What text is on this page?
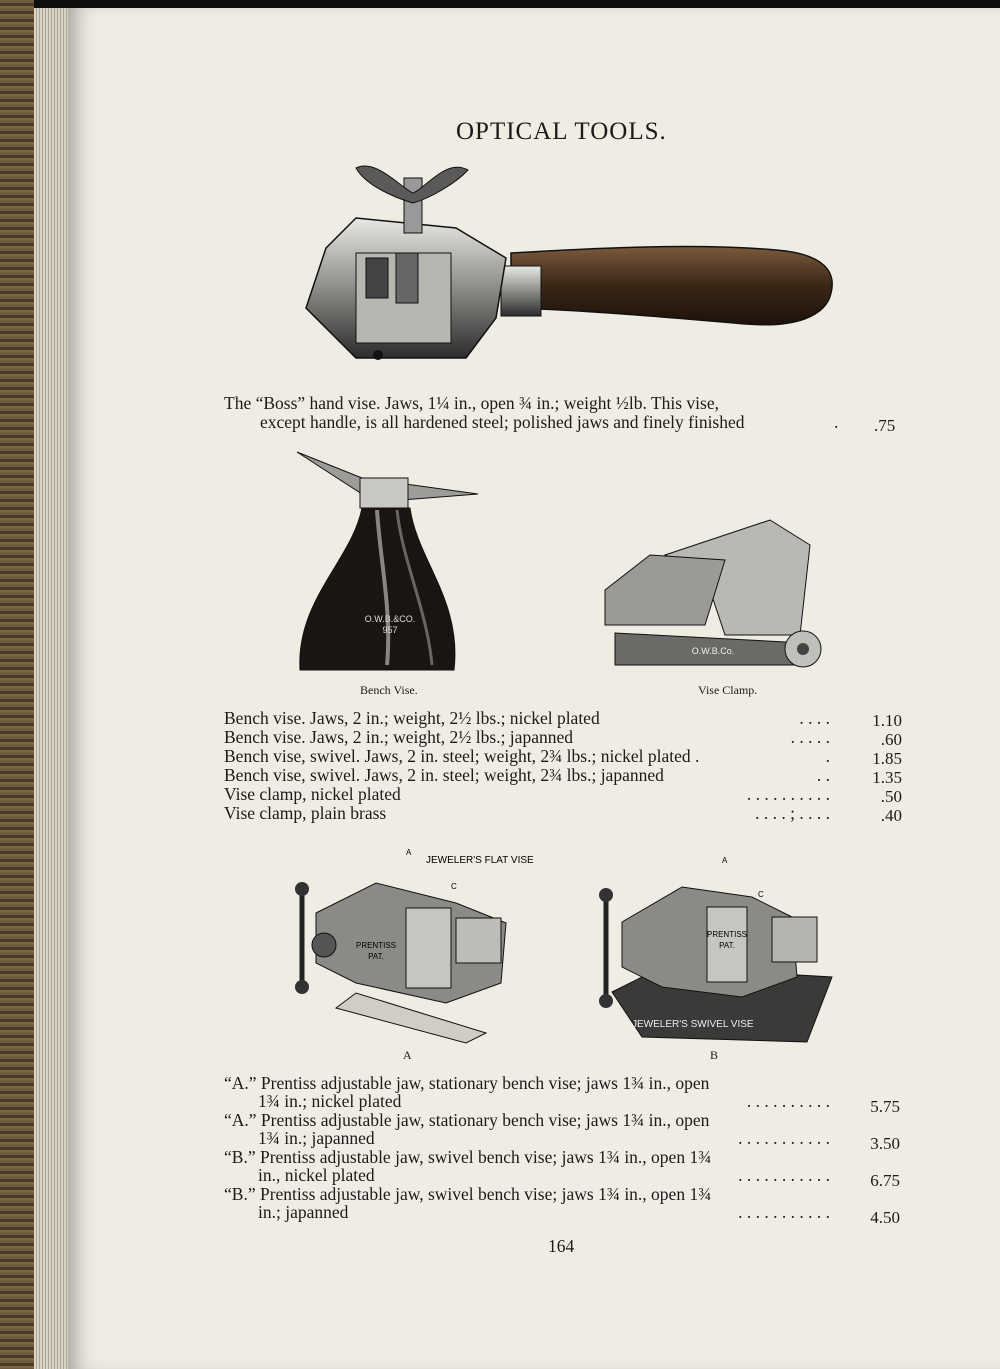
OPTICAL TOOLS.
The “Boss” hand vise. Jaws, 1¼ in., open ¾ in.; weight ½lb. This vise,
except handle, is all hardened steel; polished jaws and finely finished	. .75
O.W.B.&CO.
957
Bench Vise.
O.W.B.Co.
Vise Clamp.
Bench vise. Jaws, 2 in.; weight, 2½ lbs.; nickel plated	. . . . 1.10
Bench vise. Jaws, 2 in.; weight, 2½ lbs.; japanned	. . . . .	.60
Bench vise, swivel. Jaws, 2 in. steel; weight, 2¾ lbs.; nickel plated .	. 1.85
Bench vise, swivel. Jaws, 2 in. steel; weight, 2¾ lbs.; japanned	. . 1.35
Vise clamp, nickel plated	. . . . . . . . . .	.50
Vise clamp, plain brass	. . . . ; . . . .	.40
PRENTISS
PAT.
JEWELER'S FLAT VISE
A
C
A
PRENTISS
PAT.
JEWELER'S SWIVEL VISE
A
C
B
“A.” Prentiss adjustable jaw, stationary bench vise; jaws 1¾ in., open
1¾ in.; nickel plated	. . . . . . . . . . 5.75
“A.” Prentiss adjustable jaw, stationary bench vise; jaws 1¾ in., open
1¾ in.; japanned	. . . . . . . . . . . 3.50
“B.” Prentiss adjustable jaw, swivel bench vise; jaws 1¾ in., open 1¾
in., nickel plated	. . . . . . . . . . . 6.75
“B.” Prentiss adjustable jaw, swivel bench vise; jaws 1¾ in., open 1¾
in.; japanned	. . . . . . . . . . . 4.50
164
